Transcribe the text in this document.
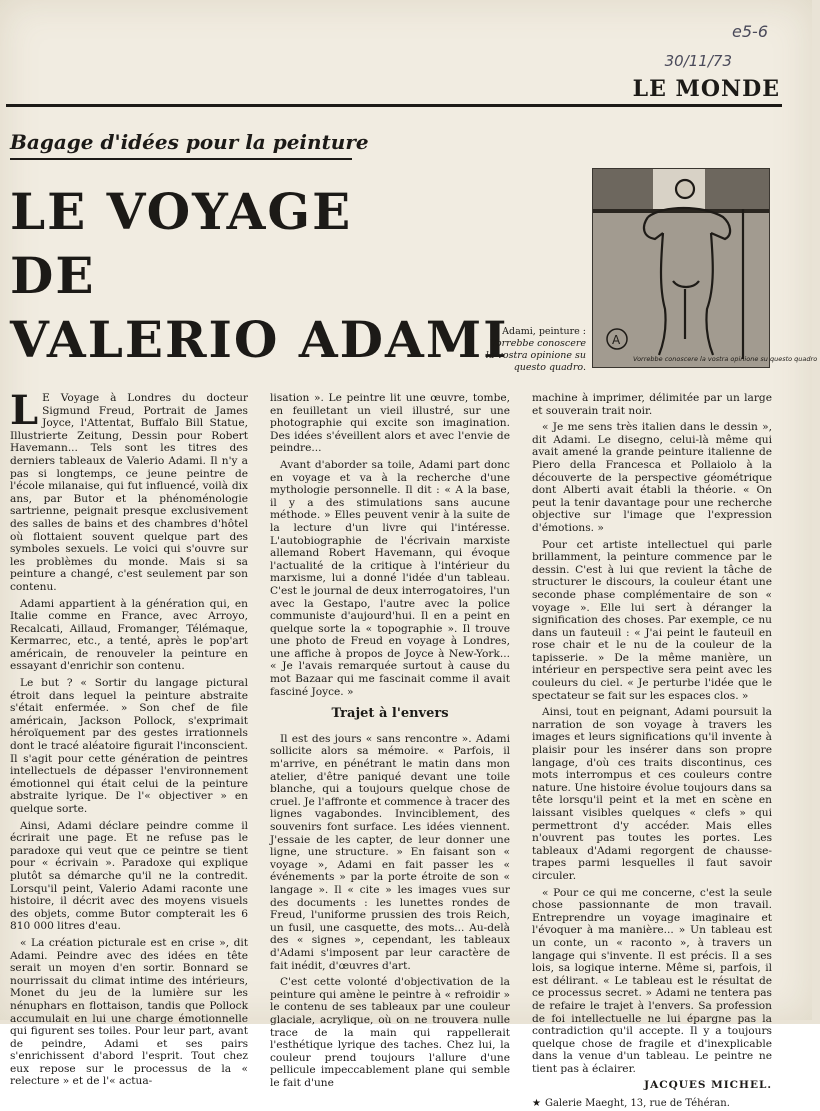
e5-6
30/11/73
LE MONDE
Bagage d'idées pour la peinture
LE VOYAGE
DE
VALERIO ADAMI	A
Vorrebbe conoscere la vostra opinione su questo quadro
Adami, peinture :
Vorrebbe conoscere la vostra opinione su questo quadro.

L E Voyage à Londres du docteur Sigmund Freud, Portrait de James Joyce, l'Attentat, Buffalo Bill Statue, Illustrierte Zeitung, Dessin pour Robert Havemann... Tels sont les titres des derniers tableaux de Valerio Adami. Il n'y a pas si longtemps, ce jeune peintre de l'école milanaise, qui fut influencé, voilà dix ans, par Butor et la phénoménologie sartrienne, peignait presque exclusivement des salles de bains et des chambres d'hôtel où flottaient souvent quelque part des symboles sexuels. Le voici qui s'ouvre sur les problèmes du monde. Mais si sa peinture a changé, c'est seulement par son contenu.

Adami appartient à la génération qui, en Italie comme en France, avec Arroyo, Recalcati, Aillaud, Fromanger, Télémaque, Kermarrec, etc., a tenté, après le pop'art américain, de renouveler la peinture en essayant d'enrichir son contenu.

Le but ? « Sortir du langage pictural étroit dans lequel la peinture abstraite s'était enfermée. » Son chef de file américain, Jackson Pollock, s'exprimait héroïquement par des gestes irrationnels dont le tracé aléatoire figurait l'inconscient. Il s'agit pour cette génération de peintres intellectuels de dépasser l'environnement émotionnel qui était celui de la peinture abstraite lyrique. De l'« objectiver » en quelque sorte.

Ainsi, Adami déclare peindre comme il écrirait une page. Et ne refuse pas le paradoxe qui veut que ce peintre se tient pour « écrivain ». Paradoxe qui explique plutôt sa démarche qu'il ne la contredit. Lorsqu'il peint, Valerio Adami raconte une histoire, il décrit avec des moyens visuels des objets, comme Butor compterait les 6 810 000 litres d'eau.

« La création picturale est en crise », dit Adami. Peindre avec des idées en tête serait un moyen d'en sortir. Bonnard se nourrissait du climat intime des intérieurs, Monet du jeu de la lumière sur les nénuphars en flottaison, tandis que Pollock accumulait en lui une charge émotionnelle qui figurent ses toiles. Pour leur part, avant de peindre, Adami et ses pairs s'enrichissent d'abord l'esprit. Tout chez eux repose sur le processus de la « relecture » et de l'« actua-

lisation ». Le peintre lit une œuvre, tombe, en feuilletant un vieil illustré, sur une photographie qui excite son imagination. Des idées s'éveillent alors et avec l'envie de peindre...

Avant d'aborder sa toile, Adami part donc en voyage et va à la recherche d'une mythologie personnelle. Il dit : « A la base, il y a des stimulations sans aucune méthode. » Elles peuvent venir à la suite de la lecture d'un livre qui l'intéresse. L'autobiographie de l'écrivain marxiste allemand Robert Havemann, qui évoque l'actualité de la critique à l'intérieur du marxisme, lui a donné l'idée d'un tableau. C'est le journal de deux interrogatoires, l'un avec la Gestapo, l'autre avec la police communiste d'aujourd'hui. Il en a peint en quelque sorte la « topographie ». Il trouve une photo de Freud en voyage à Londres, une affiche à propos de Joyce à New-York... « Je l'avais remarquée surtout à cause du mot Bazaar qui me fascinait comme il avait fasciné Joyce. »

Trajet à l'envers

Il est des jours « sans rencontre ». Adami sollicite alors sa mémoire. « Parfois, il m'arrive, en pénétrant le matin dans mon atelier, d'être paniqué devant une toile blanche, qui a toujours quelque chose de cruel. Je l'affronte et commence à tracer des lignes vagabondes. Invinciblement, des souvenirs font surface. Les idées viennent. J'essaie de les capter, de leur donner une ligne, une structure. » En faisant son « voyage », Adami en fait passer les « événements » par la porte étroite de son « langage ». Il « cite » les images vues sur des documents : les lunettes rondes de Freud, l'uniforme prussien des trois Reich, un fusil, une casquette, des mots... Au-delà des « signes », cependant, les tableaux d'Adami s'imposent par leur caractère de fait inédit, d'œuvres d'art.

C'est cette volonté d'objectivation de la peinture qui amène le peintre à « refroidir » le contenu de ses tableaux par une couleur glaciale, acrylique, où on ne trouvera nulle trace de la main qui rappellerait l'esthétique lyrique des taches. Chez lui, la couleur prend toujours l'allure d'une pellicule impeccablement plane qui semble le fait d'une

machine à imprimer, délimitée par un large et souverain trait noir.

« Je me sens très italien dans le dessin », dit Adami. Le disegno, celui-là même qui avait amené la grande peinture italienne de Piero della Francesca et Pollaiolo à la découverte de la perspective géométrique dont Alberti avait établi la théorie. « On peut la tenir davantage pour une recherche objective sur l'image que l'expression d'émotions. »

Pour cet artiste intellectuel qui parle brillamment, la peinture commence par le dessin. C'est à lui que revient la tâche de structurer le discours, la couleur étant une seconde phase complémentaire de son « voyage ». Elle lui sert à déranger la signification des choses. Par exemple, ce nu dans un fauteuil : « J'ai peint le fauteuil en rose chair et le nu de la couleur de la tapisserie. » De la même manière, un intérieur en perspective sera peint avec les couleurs du ciel. « Je perturbe l'idée que le spectateur se fait sur les espaces clos. »

Ainsi, tout en peignant, Adami poursuit la narration de son voyage à travers les images et leurs significations qu'il invente à plaisir pour les insérer dans son propre langage, d'où ces traits discontinus, ces mots interrompus et ces couleurs contre nature. Une histoire évolue toujours dans sa tête lorsqu'il peint et la met en scène en laissant visibles quelques « clefs » qui permettront d'y accéder. Mais elles n'ouvrent pas toutes les portes. Les tableaux d'Adami regorgent de chausse-trapes parmi lesquelles il faut savoir circuler.

« Pour ce qui me concerne, c'est la seule chose passionnante de mon travail. Entreprendre un voyage imaginaire et l'évoquer à ma manière... » Un tableau est un conte, un « raconto », à travers un langage qui s'invente. Il est précis. Il a ses lois, sa logique interne. Même si, parfois, il est délirant. « Le tableau est le résultat de ce processus secret. » Adami ne tentera pas de refaire le trajet à l'envers. Sa profession de foi intellectuelle ne lui épargne pas la contradiction qu'il accepte. Il y a toujours quelque chose de fragile et d'inexplicable dans la venue d'un tableau. Le peintre ne tient pas à éclairer.

JACQUES MICHEL.
★ Galerie Maeght, 13, rue de Téhéran.
